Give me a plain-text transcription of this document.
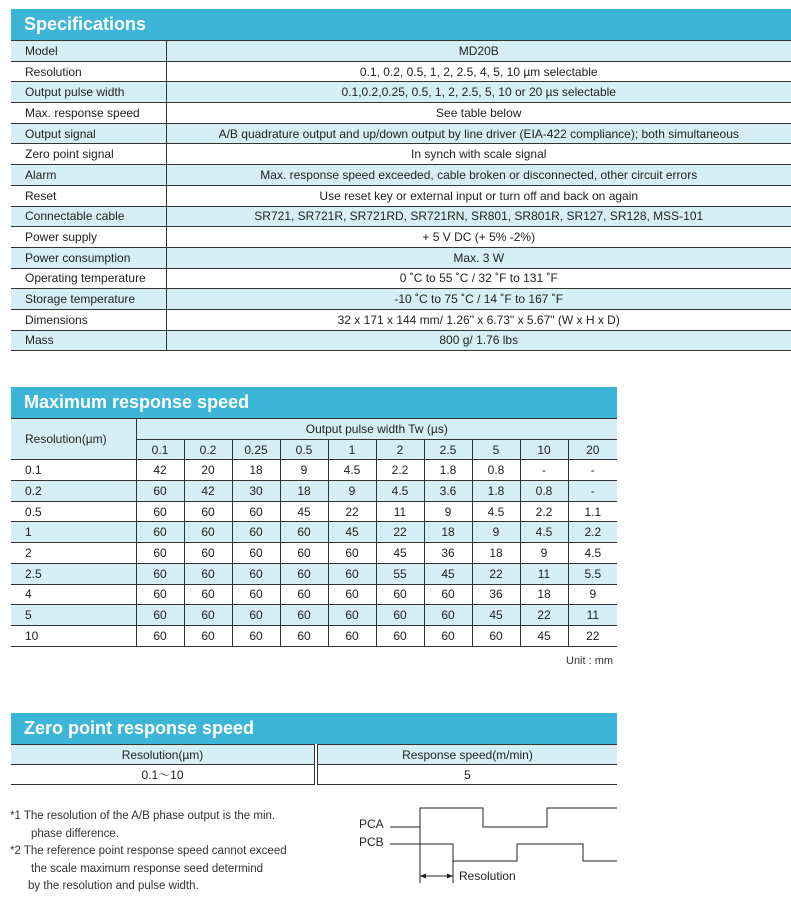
Specifications
Model	MD20B
Resolution	0.1, 0.2, 0.5, 1, 2, 2.5, 4, 5, 10 µm selectable
Output pulse width	0.1,0.2,0.25, 0.5, 1, 2, 2.5, 5, 10 or 20 µs selectable
Max. response speed	See table below
Output signal	A/B quadrature output and up/down output by line driver (EIA-422 compliance); both simultaneous
Zero point signal	In synch with scale signal
Alarm	Max. response speed exceeded, cable broken or disconnected, other circuit errors
Reset	Use reset key or external input or turn off and back on again
Connectable cable	SR721, SR721R, SR721RD, SR721RN, SR801, SR801R, SR127, SR128, MSS-101
Power supply	+ 5 V DC (+ 5% -2%)
Power consumption	Max. 3 W
Operating temperature	0 ˚C to 55 ˚C / 32 ˚F to 131 ˚F
Storage temperature	-10 ˚C to 75 ˚C / 14 ˚F to 167 ˚F
Dimensions	32 x 171 x 144 mm/ 1.26" x 6.73" x 5.67" (W x H x D)
Mass	800 g/ 1.76 lbs
Maximum response speed
Resolution(µm)	Output pulse width Tw (µs)									
	0.1	0.2	0.25	0.5	1	2	2.5	5	10	20
0.1	42	20	18	9	4.5	2.2	1.8	0.8	-	-
0.2	60	42	30	18	9	4.5	3.6	1.8	0.8	-
0.5	60	60	60	45	22	11	9	4.5	2.2	1.1
1	60	60	60	60	45	22	18	9	4.5	2.2
2	60	60	60	60	60	45	36	18	9	4.5
2.5	60	60	60	60	60	55	45	22	11	5.5
4	60	60	60	60	60	60	60	36	18	9
5	60	60	60	60	60	60	60	45	22	11
10	60	60	60	60	60	60	60	60	45	22
Unit : mm
Zero point response speed
Resolution(µm)	Response speed(m/min)
0.1〜10	5
*1 The resolution of the A/B phase output is the min.
phase difference.
*2 The reference point response speed cannot exceed
the scale maximum response seed determind
by the resolution and pulse width.
PCA
PCB
Resolution
